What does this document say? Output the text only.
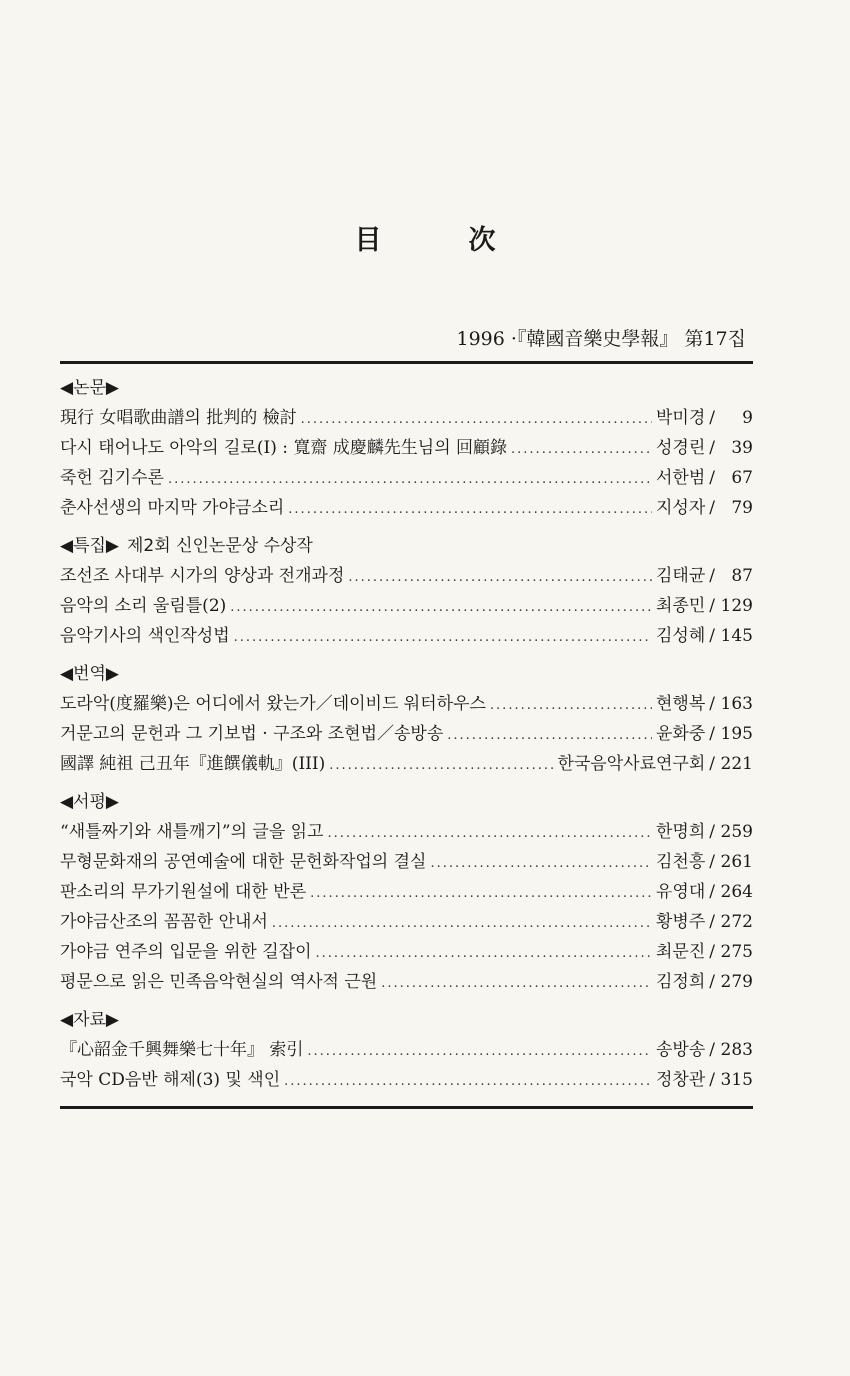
目　次
1996 ·『韓國音樂史學報』 第17집
◀논문▶
現行 女唱歌曲譜의 批判的 檢討 .....	박미경 /	9
다시 태어나도 아악의 길로(Ⅰ) : 寬齋 成慶麟先生님의 回顧錄 .....	성경린 / 39
죽헌 김기수론 .....	서한범 / 67
춘사선생의 마지막 가야금소리 .....	지성자 / 79
◀특집▶ 제2회 신인논문상 수상작
조선조 사대부 시가의 양상과 전개과정 .....	김태균 / 87
음악의 소리 울림틀(2) .....	최종민 / 129
음악기사의 색인작성법 .....	김성혜 / 145
◀번역▶
도라악(度羅樂)은 어디에서 왔는가／데이비드 워터하우스 .....	현행복 / 163
거문고의 문헌과 그 기보법 · 구조와 조현법／송방송 .....	윤화중 / 195
國譯 純祖 己丑年『進饌儀軌』(III) .....	한국음악사료연구회 / 221
◀서평▶
“새틀짜기와 새틀깨기”의 글을 읽고 .....	한명희 / 259
무형문화재의 공연예술에 대한 문헌화작업의 결실 .....	김천흥 / 261
판소리의 무가기원설에 대한 반론 .....	유영대 / 264
가야금산조의 꼼꼼한 안내서 .....	황병주 / 272
가야금 연주의 입문을 위한 길잡이 .....	최문진 / 275
평문으로 읽은 민족음악현실의 역사적 근원 .....	김정희 / 279
◀자료▶
『心韶金千興舞樂七十年』 索引 .....	송방송 / 283
국악 CD음반 해제(3) 및 색인 .....	정창관 / 315
